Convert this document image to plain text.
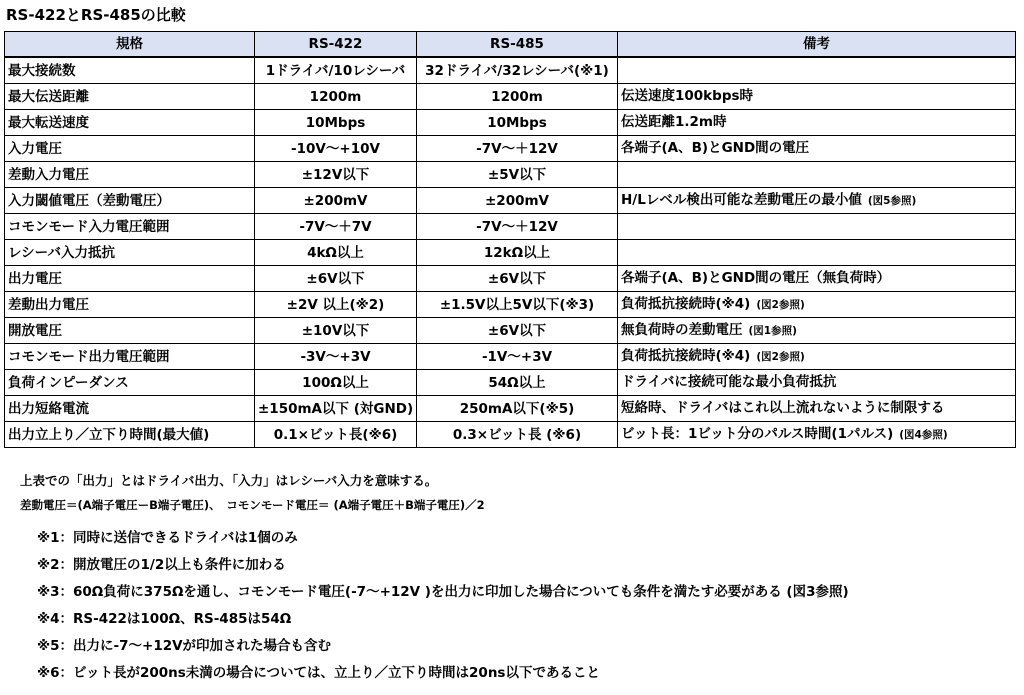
RS-422とRS-485の比較
規格	RS-422	RS-485	備考
最大接続数	1ドライバ/10レシーバ	32ドライバ/32レシーバ(※1)	
最大伝送距離	1200m	1200m	伝送速度100kbps時
最大転送速度	10Mbps	10Mbps	伝送距離1.2m時
入力電圧	-10V～+10V	-7V～＋12V	各端子(A、B)とGND間の電圧
差動入力電圧	±12V以下	±5V以下	
入力閾値電圧（差動電圧）	±200mV	±200mV	H/Lレベル検出可能な差動電圧の最小値 (図5参照)
コモンモード入力電圧範囲	-7V～＋7V	-7V～＋12V	
レシーバ入力抵抗	4kΩ以上	12kΩ以上	
出力電圧	±6V以下	±6V以下	各端子(A、B)とGND間の電圧（無負荷時）
差動出力電圧	±2V 以上(※2)	±1.5V以上5V以下(※3)	負荷抵抗接続時(※4) (図2参照)
開放電圧	±10V以下	±6V以下	無負荷時の差動電圧 (図1参照)
コモンモード出力電圧範囲	-3V～+3V	-1V～+3V	負荷抵抗接続時(※4) (図2参照)
負荷インピーダンス	100Ω以上	54Ω以上	ドライバに接続可能な最小負荷抵抗
出力短絡電流	±150mA以下 (対GND)	250mA以下(※5)	短絡時、ドライバはこれ以上流れないように制限する
出力立上り／立下り時間(最大値)	0.1×ビット長(※6)	0.3×ビット長 (※6)	ビット長：1ビット分のパルス時間(1パルス) (図4参照)
上表での「出力」とはドライバ出力、「入力」はレシーバ入力を意味する。
差動電圧＝(A端子電圧ーB端子電圧)、　コモンモード電圧＝ (A端子電圧＋B端子電圧)／2
※1：同時に送信できるドライバは1個のみ
※2：開放電圧の1/2以上も条件に加わる
※3：60Ω負荷に375Ωを通し、コモンモード電圧(-7～+12V )を出力に印加した場合についても条件を満たす必要がある (図3参照)
※4：RS-422は100Ω、RS-485は54Ω
※5：出力に-7～+12Vが印加された場合も含む
※6：ビット長が200ns未満の場合については、立上り／立下り時間は20ns以下であること
